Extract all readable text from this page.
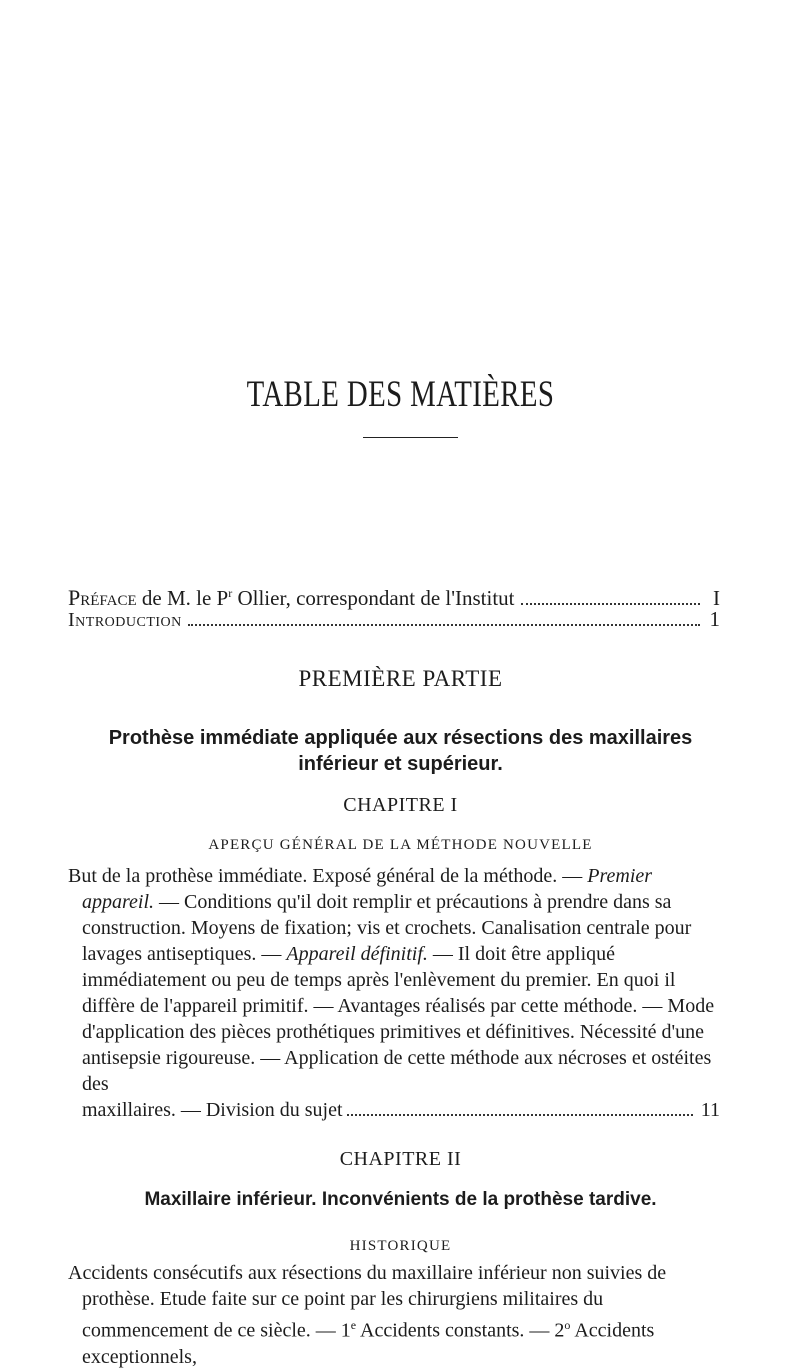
TABLE DES MATIÈRES
Préface de M. le $P^r$ Ollier, correspondant de l'Institut	I
Introduction	1
PREMIÈRE PARTIE
Prothèse immédiate appliquée aux résections des maxillaires
inférieur et supérieur.
CHAPITRE I
APERÇU GÉNÉRAL DE LA MÉTHODE NOUVELLE
But de la prothèse immédiate. Exposé général de la méthode. — Premier appareil. — Conditions qu'il doit remplir et précautions à prendre dans sa construction. Moyens de fixation; vis et crochets. Canalisation centrale pour lavages antiseptiques. — Appareil définitif. — Il doit être appliqué immédiatement ou peu de temps après l'enlèvement du premier. En quoi il diffère de l'appareil primitif. — Avantages réalisés par cette méthode. — Mode d'application des pièces prothétiques primitives et définitives. Nécessité d'une antisepsie rigoureuse. — Application de cette méthode aux nécroses et ostéites des
maxillaires. — Division du sujet	11
CHAPITRE II
Maxillaire inférieur. Inconvénients de la prothèse tardive.
HISTORIQUE
Accidents consécutifs aux résections du maxillaire inférieur non suivies de prothèse. Etude faite sur ce point par les chirurgiens militaires du commencement de ce siècle. — 1e Accidents constants. — 2$^o$ Accidents exceptionnels,
